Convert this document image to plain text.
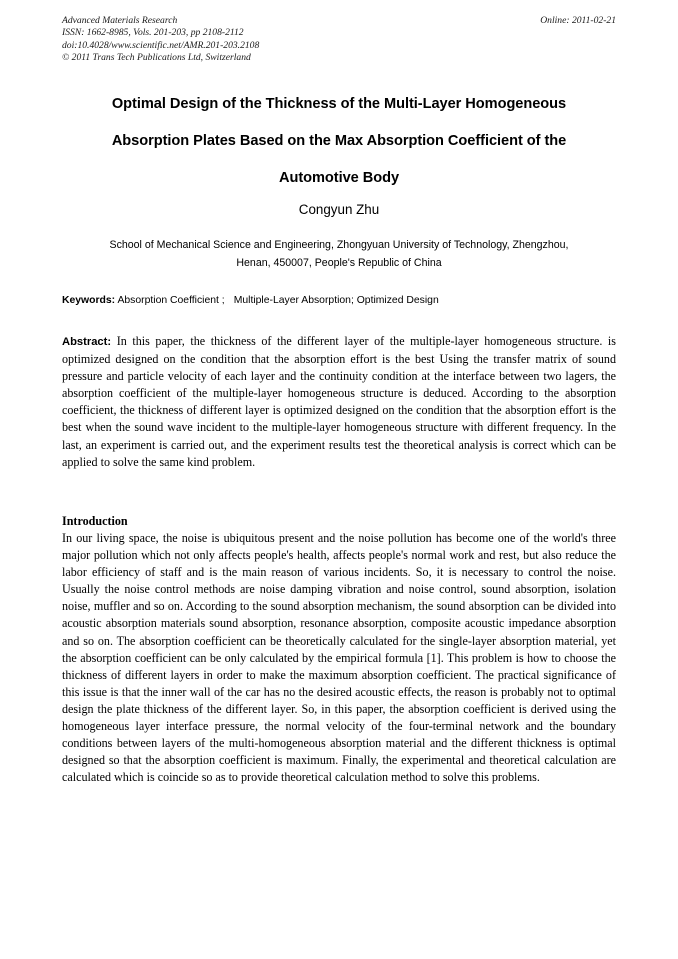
Advanced Materials Research
ISSN: 1662-8985, Vols. 201-203, pp 2108-2112
doi:10.4028/www.scientific.net/AMR.201-203.2108
© 2011 Trans Tech Publications Ltd, Switzerland
Online: 2011-02-21
Optimal Design of the Thickness of the Multi-Layer Homogeneous
Absorption Plates Based on the Max Absorption Coefficient of the
Automotive Body
Congyun Zhu
School of Mechanical Science and Engineering, Zhongyuan University of Technology, Zhengzhou,
Henan, 450007, People's Republic of China
Keywords: Absorption Coefficient ; Multiple-Layer Absorption; Optimized Design
Abstract: In this paper, the thickness of the different layer of the multiple-layer homogeneous structure. is optimized designed on the condition that the absorption effort is the best Using the transfer matrix of sound pressure and particle velocity of each layer and the continuity condition at the interface between two lagers, the absorption coefficient of the multiple-layer homogeneous structure is deduced. According to the absorption coefficient, the thickness of different layer is optimized designed on the condition that the absorption effort is the best when the sound wave incident to the multiple-layer homogeneous structure with different frequency. In the last, an experiment is carried out, and the experiment results test the theoretical analysis is correct which can be applied to solve the same kind problem.
Introduction
In our living space, the noise is ubiquitous present and the noise pollution has become one of the world's three major pollution which not only affects people's health, affects people's normal work and rest, but also reduce the labor efficiency of staff and is the main reason of various incidents. So, it is necessary to control the noise. Usually the noise control methods are noise damping vibration and noise control, sound absorption, isolation noise, muffler and so on. According to the sound absorption mechanism, the sound absorption can be divided into acoustic absorption materials sound absorption, resonance absorption, composite acoustic impedance absorption and so on. The absorption coefficient can be theoretically calculated for the single-layer absorption material, yet the absorption coefficient can be only calculated by the empirical formula [1]. This problem is how to choose the thickness of different layers in order to make the maximum absorption coefficient. The practical significance of this issue is that the inner wall of the car has no the desired acoustic effects, the reason is probably not to optimal design the plate thickness of the different layer. So, in this paper, the absorption coefficient is derived using the homogeneous layer interface pressure, the normal velocity of the four-terminal network and the boundary conditions between layers of the multi-homogeneous absorption material and the different thickness is optimal designed so that the absorption coefficient is maximum. Finally, the experimental and theoretical calculation are calculated which is coincide so as to provide theoretical calculation method to solve this problems.
